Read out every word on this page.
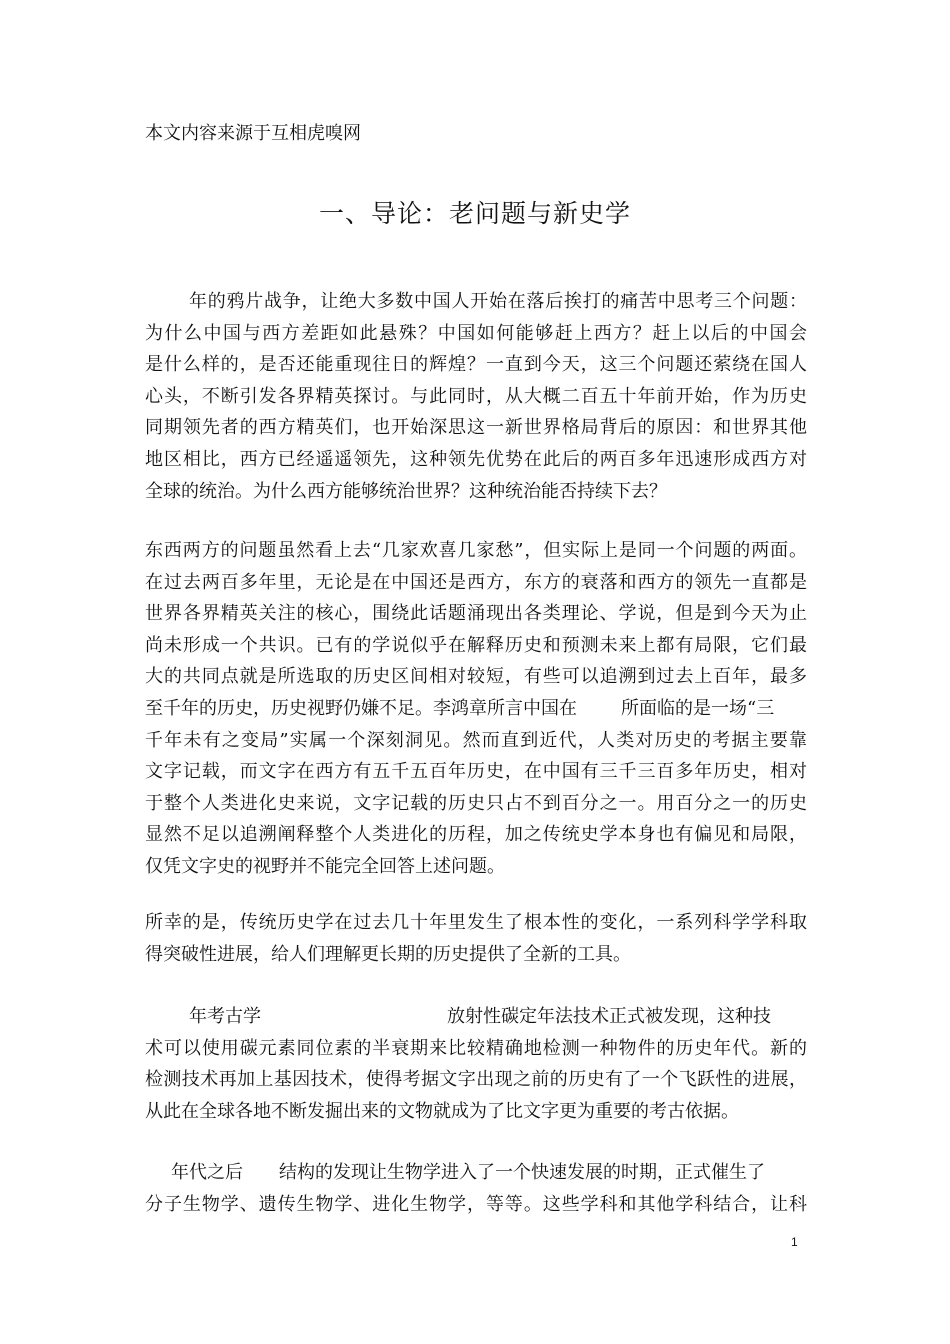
本文内容来源于互相虎嗅网
一、导论：老问题与新史学
年的鸦片战争，让绝大多数中国人开始在落后挨打的痛苦中思考三个问题：
为什么中国与西方差距如此悬殊？中国如何能够赶上西方？赶上以后的中国会
是什么样的，是否还能重现往日的辉煌？一直到今天，这三个问题还萦绕在国人
心头，不断引发各界精英探讨。与此同时，从大概二百五十年前开始，作为历史
同期领先者的西方精英们，也开始深思这一新世界格局背后的原因：和世界其他
地区相比，西方已经遥遥领先，这种领先优势在此后的两百多年迅速形成西方对
全球的统治。为什么西方能够统治世界？这种统治能否持续下去？
东西两方的问题虽然看上去“几家欢喜几家愁”，但实际上是同一个问题的两面。
在过去两百多年里，无论是在中国还是西方，东方的衰落和西方的领先一直都是
世界各界精英关注的核心，围绕此话题涌现出各类理论、学说，但是到今天为止
尚未形成一个共识。已有的学说似乎在解释历史和预测未来上都有局限，它们最
大的共同点就是所选取的历史区间相对较短，有些可以追溯到过去上百年，最多
至千年的历史，历史视野仍嫌不足。李鸿章所言中国在 所面临的是一场“三
千年未有之变局”实属一个深刻洞见。然而直到近代，人类对历史的考据主要靠
文字记载，而文字在西方有五千五百年历史，在中国有三千三百多年历史，相对
于整个人类进化史来说，文字记载的历史只占不到百分之一。用百分之一的历史
显然不足以追溯阐释整个人类进化的历程，加之传统史学本身也有偏见和局限，
仅凭文字史的视野并不能完全回答上述问题。
所幸的是，传统历史学在过去几十年里发生了根本性的变化，一系列科学学科取
得突破性进展，给人们理解更长期的历史提供了全新的工具。
年考古学	放射性碳定年法技术正式被发现，这种技
术可以使用碳元素同位素的半衰期来比较精确地检测一种物件的历史年代。新的
检测技术再加上基因技术，使得考据文字出现之前的历史有了一个飞跃性的进展，
从此在全球各地不断发掘出来的文物就成为了比文字更为重要的考古依据。
年代之后 结构的发现让生物学进入了一个快速发展的时期，正式催生了
分子生物学、遗传生物学、进化生物学，等等。这些学科和其他学科结合，让科
1
